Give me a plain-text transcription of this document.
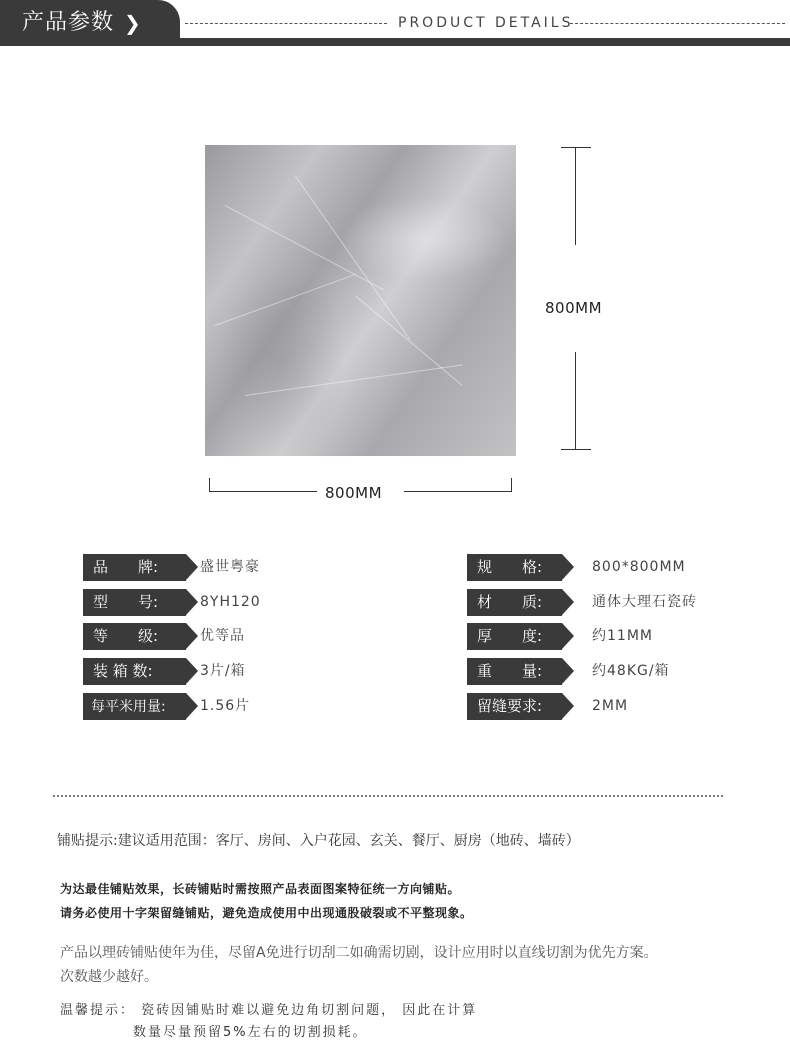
产品参数 ❯	PRODUCT DETAILS
800MM
800MM
品　　牌:	盛世粤豪
型　　号:	8YH120
等　　级:	优等品
装 箱 数:	3片/箱
每平米用量:	1.56片
规　　格:	800*800MM
材　　质:	通体大理石瓷砖
厚　　度:	约11MM
重　　量:	约48KG/箱
留缝要求:	2MM
铺贴提示:建议适用范围：客厅、房间、入户花园、玄关、餐厅、厨房（地砖、墙砖）
为达最佳铺贴效果，长砖铺贴时需按照产品表面图案特征统一方向铺贴。
请务必使用十字架留缝铺贴，避免造成使用中出现通股破裂或不平整现象。
产品以理砖铺贴使年为佳，尽留A免进行切刮二如确需切剧，设计应用时以直线切割为优先方案。
次数越少越好。
温馨提示： 瓷砖因铺贴时难以避免边角切割问题， 因此在计算
数量尽量预留5%左右的切割损耗。
